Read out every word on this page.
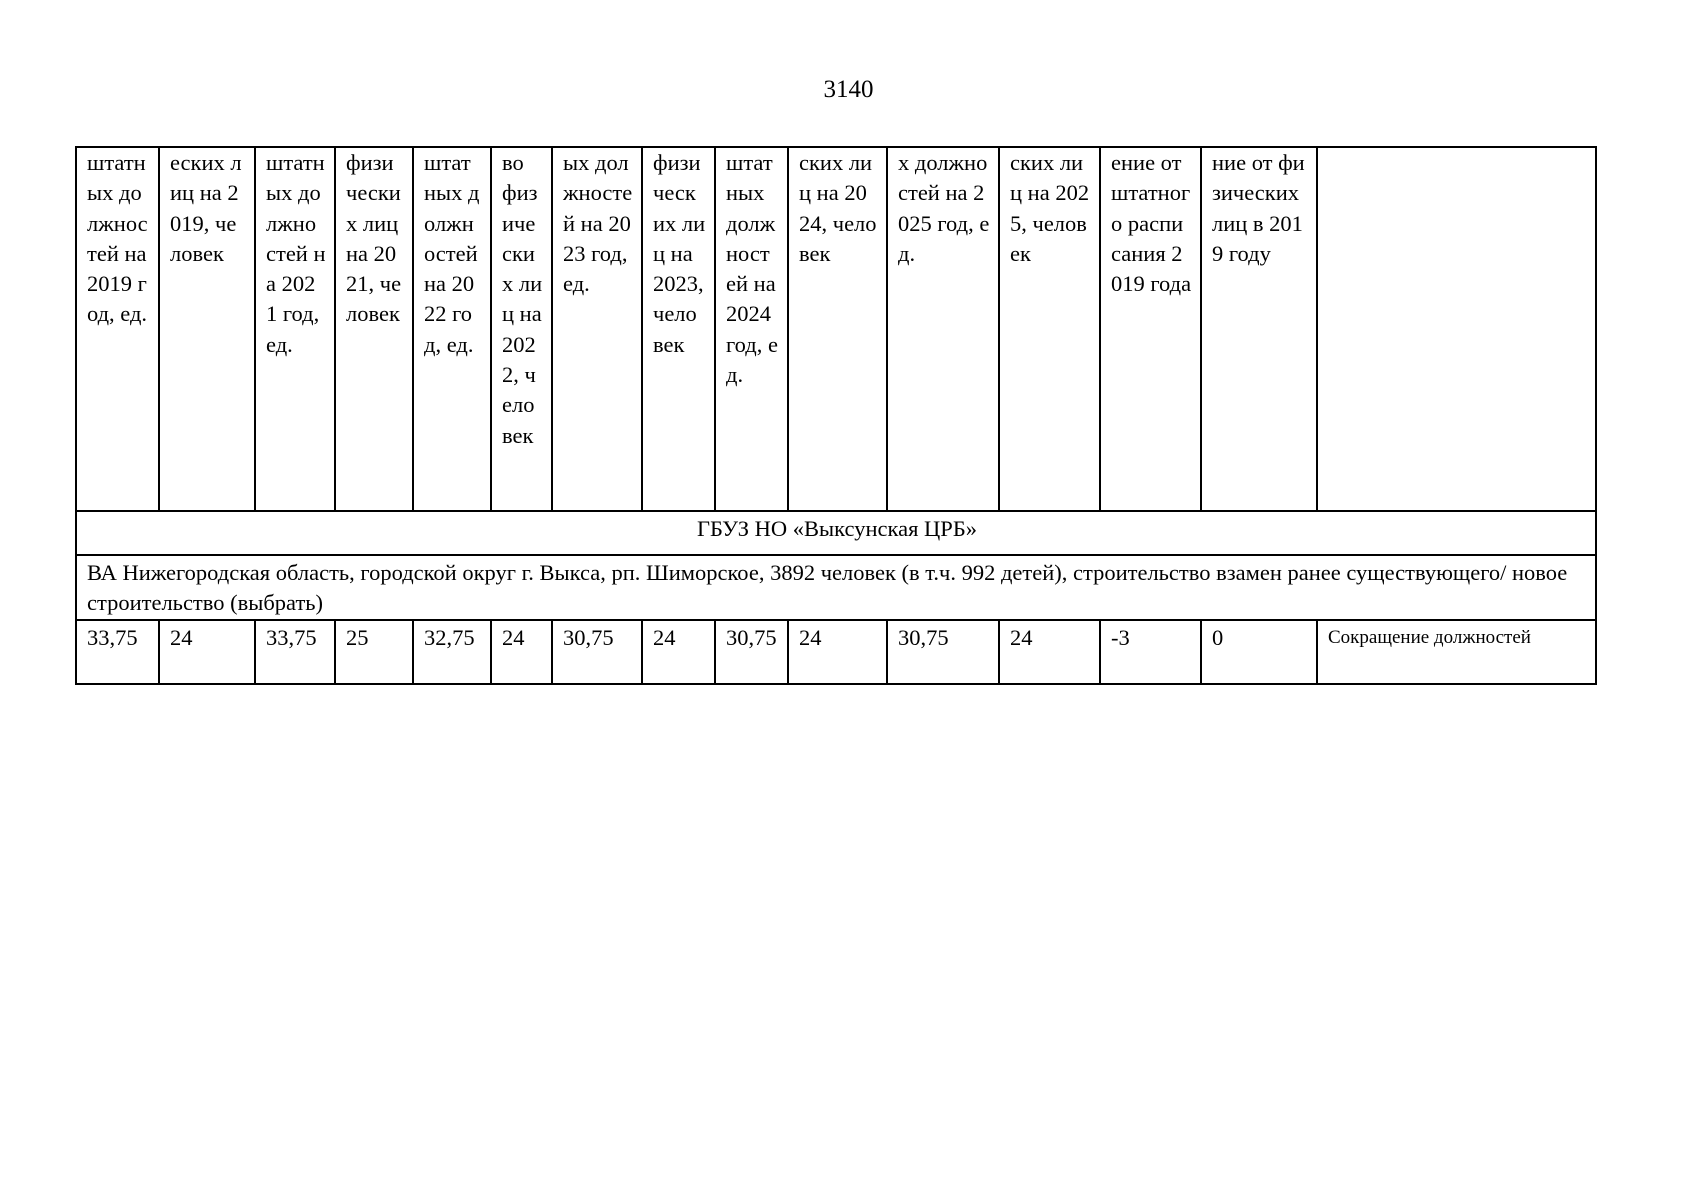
3140
штатных должностей на 2019 год, ед.	еских лиц на 2019, человек	штатных должностей на 2021 год, ед.	физических лиц на 2021, человек	штатных должностей на 2022 год, ед.	во физических лиц на 2022, человек	ых должностей на 2023 год, ед.	физических лиц на 2023, человек	штатных должностей на 2024 год, ед.	ских лиц на 2024, человек	х должностей на 2025 год, ед.	ских лиц на 2025, человек	ение от штатного расписания 2019 года	ние от физических лиц в 2019 году	
ГБУЗ НО «Выксунская ЦРБ»														
ВА Нижегородская область, городской округ г. Выкса, рп. Шиморское, 3892 человек (в т.ч. 992 детей), строительство взамен ранее существующего/ новое строительство (выбрать)														
33,75	24	33,75	25	32,75	24	30,75	24	30,75	24	30,75	24	-3	0	Сокращение должностей
